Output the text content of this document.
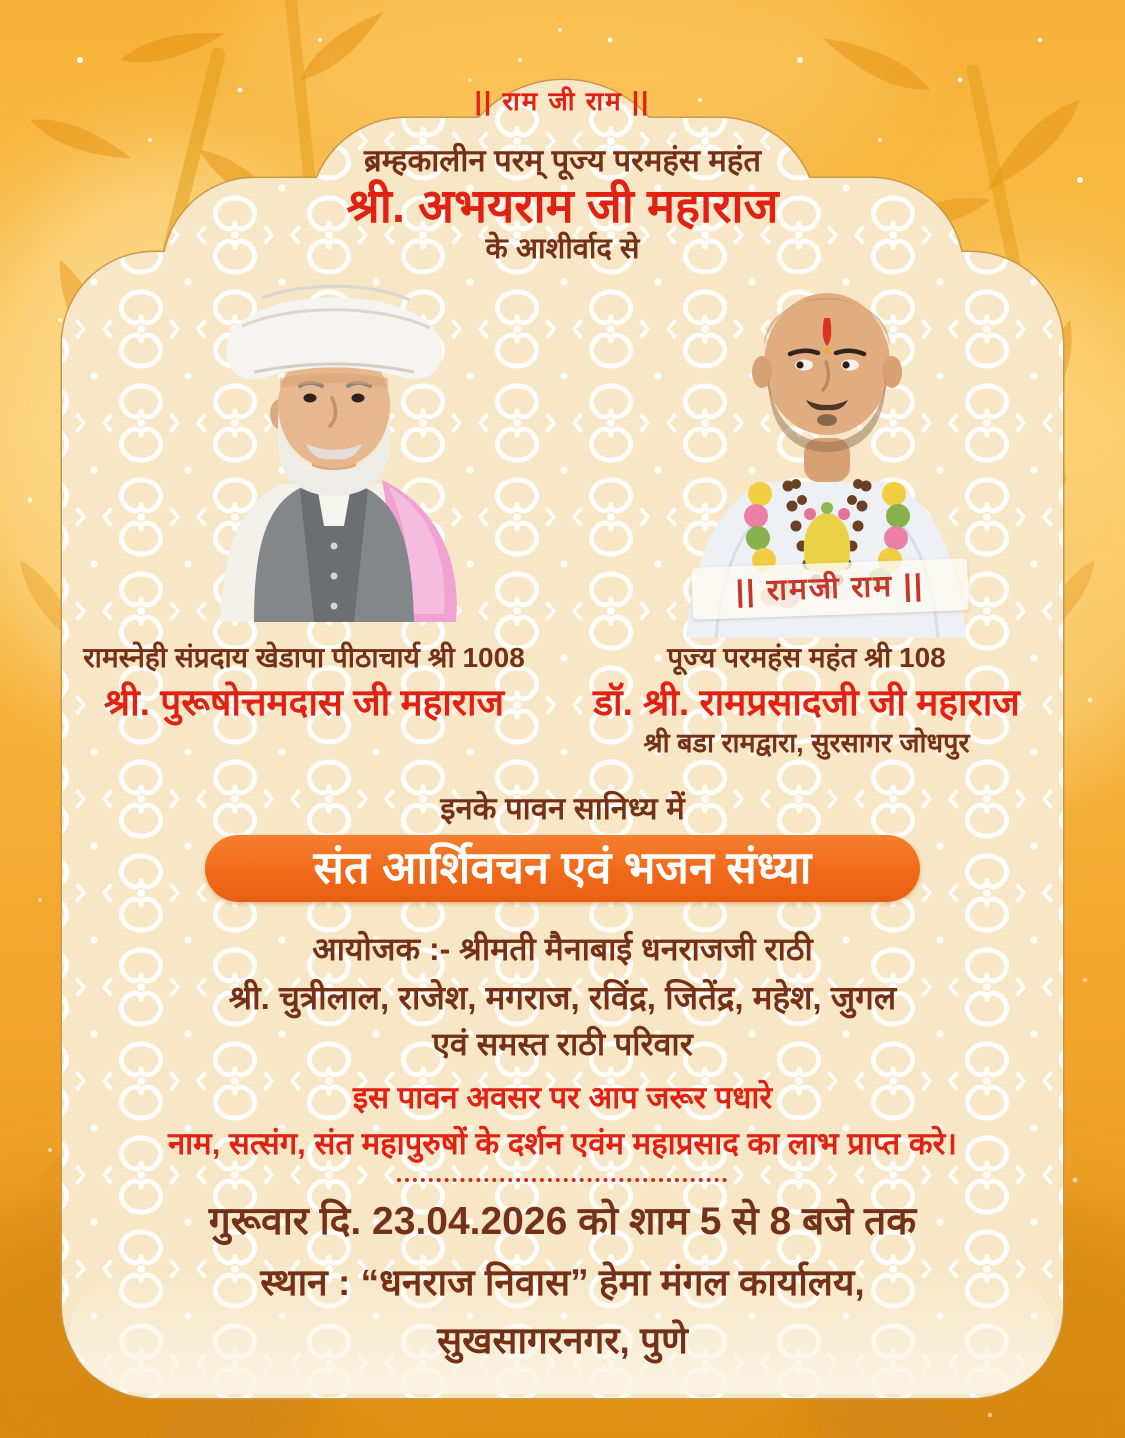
|| रामजी राम ||
|| राम जी राम ||
ब्रम्हकालीन परम् पूज्य परमहंस महंत
श्री. अभयराम जी महाराज
के आशीर्वाद से
रामस्नेही संप्रदाय खेडापा पीठाचार्य श्री 1008
श्री. पुरूषोत्तमदास जी महाराज
पूज्य परमहंस महंत श्री 108
डॉ. श्री. रामप्रसादजी जी महाराज
श्री बडा रामद्वारा, सुरसागर जोधपुर
इनके पावन सानिध्य में
संत आर्शिवचन एवं भजन संध्या
आयोजक :- श्रीमती मैनाबाई धनराजजी राठी
श्री. चुत्रीलाल, राजेश, मगराज, रविंद्र, जितेंद्र, महेश, जुगल
एवं समस्त राठी परिवार
इस पावन अवसर पर आप जरूर पधारे
नाम, सत्संग, संत महापुरुषों के दर्शन एवंम महाप्रसाद का लाभ प्राप्त करे।
गुरूवार दि. 23.04.2026 को शाम 5 से 8 बजे तक
स्थान : “धनराज निवास” हेमा मंगल कार्यालय,
सुखसागरनगर, पुणे
